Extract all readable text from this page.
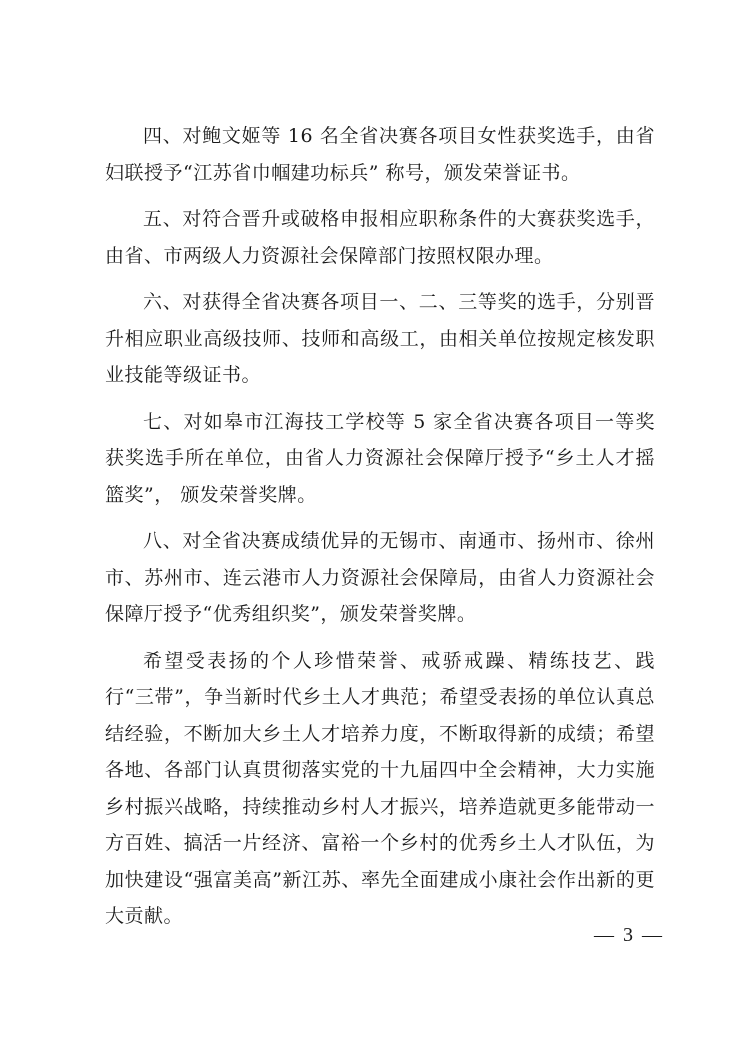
四、对鲍文姬等 16 名全省决赛各项目女性获奖选手，由省妇联授予“江苏省巾帼建功标兵” 称号，颁发荣誉证书。

五、对符合晋升或破格申报相应职称条件的大赛获奖选手，由省、市两级人力资源社会保障部门按照权限办理。

六、对获得全省决赛各项目一、二、三等奖的选手，分别晋升相应职业高级技师、技师和高级工，由相关单位按规定核发职业技能等级证书。

七、对如皋市江海技工学校等 5 家全省决赛各项目一等奖获奖选手所在单位，由省人力资源社会保障厅授予“乡土人才摇篮奖”， 颁发荣誉奖牌。

八、对全省决赛成绩优异的无锡市、南通市、扬州市、徐州市、苏州市、连云港市人力资源社会保障局，由省人力资源社会保障厅授予“优秀组织奖”，颁发荣誉奖牌。

希望受表扬的个人珍惜荣誉、戒骄戒躁、精练技艺、践行“三带”，争当新时代乡土人才典范；希望受表扬的单位认真总结经验，不断加大乡土人才培养力度，不断取得新的成绩；希望各地、各部门认真贯彻落实党的十九届四中全会精神，大力实施乡村振兴战略，持续推动乡村人才振兴，培养造就更多能带动一方百姓、搞活一片经济、富裕一个乡村的优秀乡土人才队伍，为加快建设“强富美高”新江苏、率先全面建成小康社会作出新的更大贡献。

— 3 —
